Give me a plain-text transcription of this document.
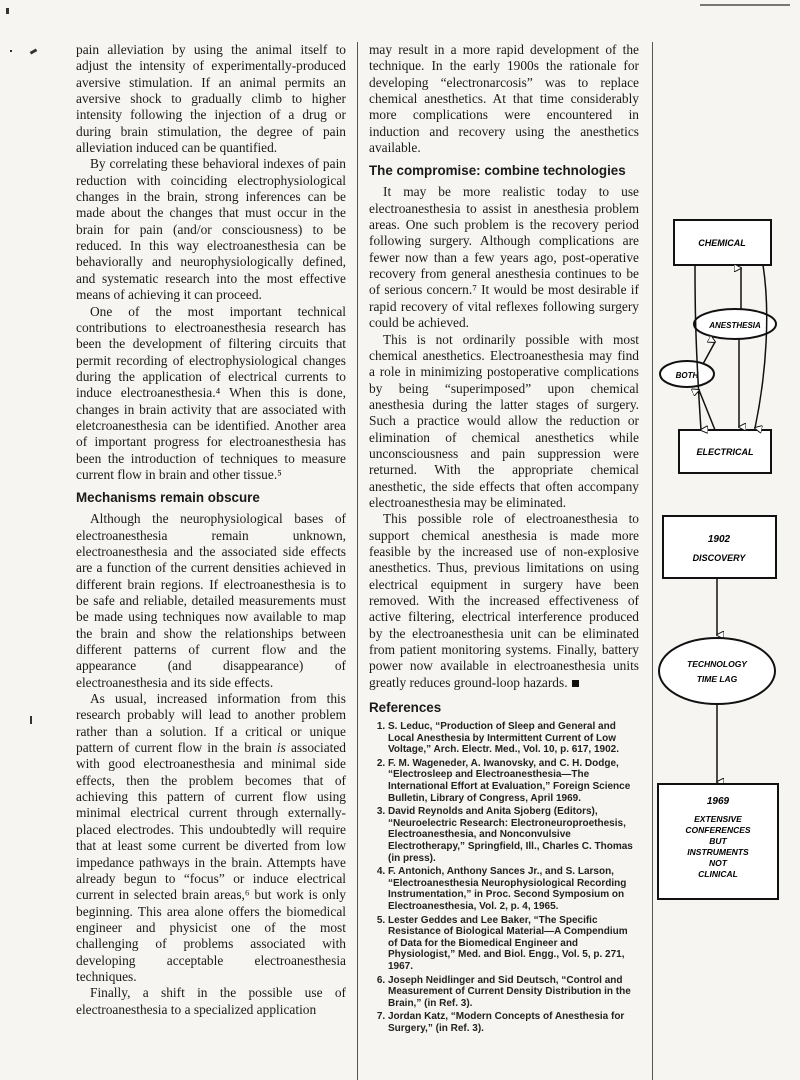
pain alleviation by using the animal itself to adjust the intensity of experimentally-produced aversive stimulation. If an animal permits an aversive shock to gradually climb to higher intensity following the injection of a drug or during brain stimulation, the degree of pain alleviation induced can be quantified.

By correlating these behavioral indexes of pain reduction with coinciding electrophysiological changes in the brain, strong inferences can be made about the changes that must occur in the brain for pain (and/or consciousness) to be reduced. In this way electroanesthesia can be behaviorally and neurophysiologically defined, and systematic research into the most effective means of achieving it can proceed.

One of the most important technical contributions to electroanesthesia research has been the development of filtering circuits that permit recording of electrophysiological changes during the application of electrical currents to induce electroanesthesia.⁴ When this is done, changes in brain activity that are associated with eletcroanesthesia can be identified. Another area of important progress for electroanesthesia has been the introduction of techniques to measure current flow in brain and other tissue.⁵

Mechanisms remain obscure

Although the neurophysiological bases of electroanesthesia remain unknown, electroanesthesia and the associated side effects are a function of the current densities achieved in different brain regions. If electroanesthesia is to be safe and reliable, detailed measurements must be made using techniques now available to map the brain and show the relationships between different patterns of current flow and the appearance (and disappearance) of electroanesthesia and its side effects.

As usual, increased information from this research probably will lead to another problem rather than a solution. If a critical or unique pattern of current flow in the brain is associated with good electroanesthesia and minimal side effects, then the problem becomes that of achieving this pattern of current flow using minimal electrical current through externally-placed electrodes. This undoubtedly will require that at least some current be diverted from low impedance pathways in the brain. Attempts have already begun to “focus” or induce electrical current in selected brain areas,⁶ but work is only beginning. This area alone offers the biomedical engineer and physicist one of the most challenging of problems associated with developing acceptable electroanesthesia techniques.

Finally, a shift in the possible use of electroanesthesia to a specialized application

may result in a more rapid development of the technique. In the early 1900s the rationale for developing “electronarcosis” was to replace chemical anesthetics. At that time considerably more complications were encountered in induction and recovery using the anesthetics available.

The compromise: combine technologies

It may be more realistic today to use electroanesthesia to assist in anesthesia problem areas. One such problem is the recovery period following surgery. Although complications are fewer now than a few years ago, post-operative recovery from general anesthesia continues to be of serious concern.⁷ It would be most desirable if rapid recovery of vital reflexes following surgery could be achieved.

This is not ordinarily possible with most chemical anesthetics. Electroanesthesia may find a role in minimizing postoperative complications by being “superimposed” upon chemical anesthesia during the latter stages of surgery. Such a practice would allow the reduction or elimination of chemical anesthetics while unconsciousness and pain suppression were returned. With the appropriate chemical anesthetic, the side effects that often accompany electroanesthesia may be eliminated.

This possible role of electroanesthesia to support chemical anesthesia is made more feasible by the increased use of non-explosive anesthetics. Thus, previous limitations on using electrical equipment in surgery have been removed. With the increased effectiveness of active filtering, electrical interference produced by the electroanesthesia unit can be eliminated from patient monitoring systems. Finally, battery power now available in electroanesthesia units greatly reduces ground-loop hazards.

References
1. S. Leduc, “Production of Sleep and General and Local Anesthesia by Intermittent Current of Low Voltage,” Arch. Electr. Med., Vol. 10, p. 617, 1902.
2. F. M. Wageneder, A. Iwanovsky, and C. H. Dodge, “Electrosleep and Electroanesthesia—The International Effort at Evaluation,” Foreign Science Bulletin, Library of Congress, April 1969.
3. David Reynolds and Anita Sjoberg (Editors), “Neuroelectric Research: Electroneuroproethesis, Electroanesthesia, and Nonconvulsive Electrotherapy,” Springfield, Ill., Charles C. Thomas (in press).
4. F. Antonich, Anthony Sances Jr., and S. Larson, “Electroanesthesia Neurophysiological Recording Instrumentation,” in Proc. Second Symposium on Electroanesthesia, Vol. 2, p. 4, 1965.
5. Lester Geddes and Lee Baker, “The Specific Resistance of Biological Material—A Compendium of Data for the Biomedical Engineer and Physiologist,” Med. and Biol. Engg., Vol. 5, p. 271, 1967.
6. Joseph Neidlinger and Sid Deutsch, “Control and Measurement of Current Density Distribution in the Brain,” (in Ref. 3).
7. Jordan Katz, “Modern Concepts of Anesthesia for Surgery,” (in Ref. 3).
CHEMICAL
ANESTHESIA
BOTH
ELECTRICAL
1902
DISCOVERY
TECHNOLOGY
TIME LAG
1969
EXTENSIVE
CONFERENCES
BUT
INSTRUMENTS
NOT
CLINICAL
